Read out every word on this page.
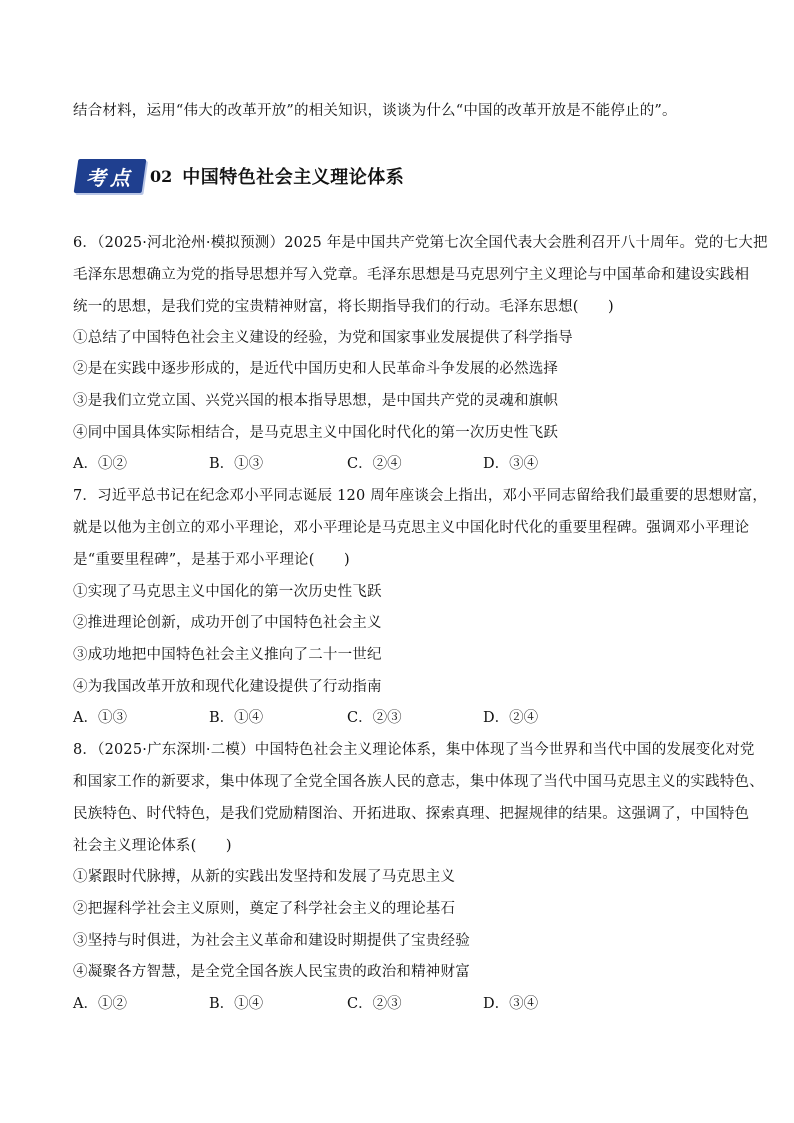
结合材料，运用“伟大的改革开放”的相关知识，谈谈为什么“中国的改革开放是不能停止的”。
考点 02 中国特色社会主义理论体系
6．（2025·河北沧州·模拟预测）2025 年是中国共产党第七次全国代表大会胜利召开八十周年。党的七大把
毛泽东思想确立为党的指导思想并写入党章。毛泽东思想是马克思列宁主义理论与中国革命和建设实践相
统一的思想，是我们党的宝贵精神财富，将长期指导我们的行动。毛泽东思想(　　)
①总结了中国特色社会主义建设的经验，为党和国家事业发展提供了科学指导
②是在实践中逐步形成的，是近代中国历史和人民革命斗争发展的必然选择
③是我们立党立国、兴党兴国的根本指导思想，是中国共产党的灵魂和旗帜
④同中国具体实际相结合，是马克思主义中国化时代化的第一次历史性飞跃
A．①②	B．①③	C．②④	D．③④
7．习近平总书记在纪念邓小平同志诞辰 120 周年座谈会上指出，邓小平同志留给我们最重要的思想财富，
就是以他为主创立的邓小平理论，邓小平理论是马克思主义中国化时代化的重要里程碑。强调邓小平理论
是“重要里程碑”，是基于邓小平理论(　　)
①实现了马克思主义中国化的第一次历史性飞跃
②推进理论创新，成功开创了中国特色社会主义
③成功地把中国特色社会主义推向了二十一世纪
④为我国改革开放和现代化建设提供了行动指南
A．①③	B．①④	C．②③	D．②④
8．（2025·广东深圳·二模）中国特色社会主义理论体系，集中体现了当今世界和当代中国的发展变化对党
和国家工作的新要求，集中体现了全党全国各族人民的意志，集中体现了当代中国马克思主义的实践特色、
民族特色、时代特色，是我们党励精图治、开拓进取、探索真理、把握规律的结果。这强调了，中国特色
社会主义理论体系(　　)
①紧跟时代脉搏，从新的实践出发坚持和发展了马克思主义
②把握科学社会主义原则，奠定了科学社会主义的理论基石
③坚持与时俱进，为社会主义革命和建设时期提供了宝贵经验
④凝聚各方智慧，是全党全国各族人民宝贵的政治和精神财富
A．①②	B．①④	C．②③	D．③④
